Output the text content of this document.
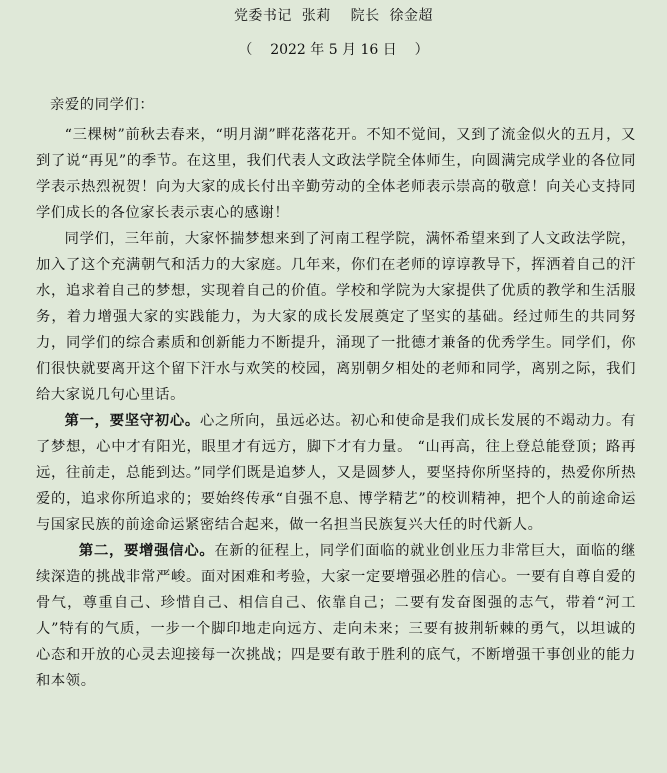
党委书记  张莉    院长  徐金超
（    2022 年 5 月 16 日    ）

亲爱的同学们：

“三棵树”前秋去春来，“明月湖”畔花落花开。不知不觉间，又到了流金似火的五月，又到了说“再见”的季节。在这里，我们代表人文政法学院全体师生，向圆满完成学业的各位同学表示热烈祝贺！向为大家的成长付出辛勤劳动的全体老师表示崇高的敬意！向关心支持同学们成长的各位家长表示衷心的感谢！

同学们，三年前，大家怀揣梦想来到了河南工程学院，满怀希望来到了人文政法学院，加入了这个充满朝气和活力的大家庭。几年来，你们在老师的谆谆教导下，挥洒着自己的汗水，追求着自己的梦想，实现着自己的价值。学校和学院为大家提供了优质的教学和生活服务，着力增强大家的实践能力，为大家的成长发展奠定了坚实的基础。经过师生的共同努力，同学们的综合素质和创新能力不断提升，涌现了一批德才兼备的优秀学生。同学们，你们很快就要离开这个留下汗水与欢笑的校园，离别朝夕相处的老师和同学，离别之际，我们给大家说几句心里话。

第一，要坚守初心。心之所向，虽远必达。初心和使命是我们成长发展的不竭动力。有了梦想，心中才有阳光，眼里才有远方，脚下才有力量。 “山再高，往上登总能登顶；路再远，往前走，总能到达。”同学们既是追梦人，又是圆梦人，要坚持你所坚持的，热爱你所热爱的，追求你所追求的；要始终传承“自强不息、博学精艺”的校训精神，把个人的前途命运与国家民族的前途命运紧密结合起来，做一名担当民族复兴大任的时代新人。

第二，要增强信心。在新的征程上，同学们面临的就业创业压力非常巨大，面临的继续深造的挑战非常严峻。面对困难和考验，大家一定要增强必胜的信心。一要有自尊自爱的骨气，尊重自己、珍惜自己、相信自己、依靠自己；二要有发奋图强的志气，带着“河工人”特有的气质，一步一个脚印地走向远方、走向未来；三要有披荆斩棘的勇气，以坦诚的心态和开放的心灵去迎接每一次挑战；四是要有敢于胜利的底气，不断增强干事创业的能力和本领。
